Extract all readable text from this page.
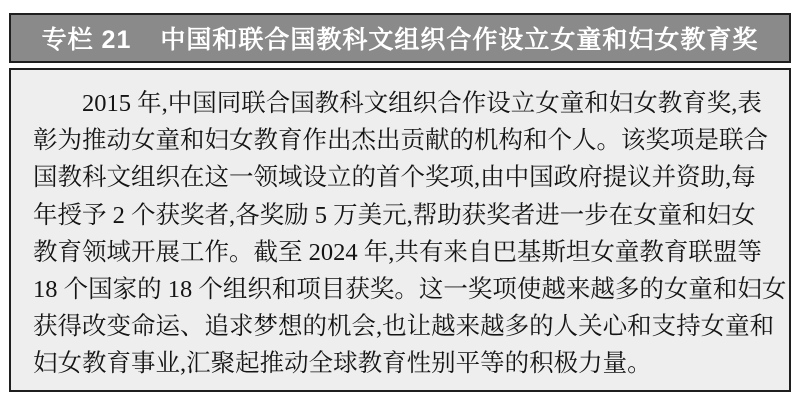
专栏 21 中国和联合国教科文组织合作设立女童和妇女教育奖
2015 年,中国同联合国教科文组织合作设立女童和妇女教育奖,表
彰为推动女童和妇女教育作出杰出贡献的机构和个人。该奖项是联合
国教科文组织在这一领域设立的首个奖项,由中国政府提议并资助,每
年授予 2 个获奖者,各奖励 5 万美元,帮助获奖者进一步在女童和妇女
教育领域开展工作。截至 2024 年,共有来自巴基斯坦女童教育联盟等
18 个国家的 18 个组织和项目获奖。这一奖项使越来越多的女童和妇女
获得改变命运、追求梦想的机会,也让越来越多的人关心和支持女童和
妇女教育事业,汇聚起推动全球教育性别平等的积极力量。
